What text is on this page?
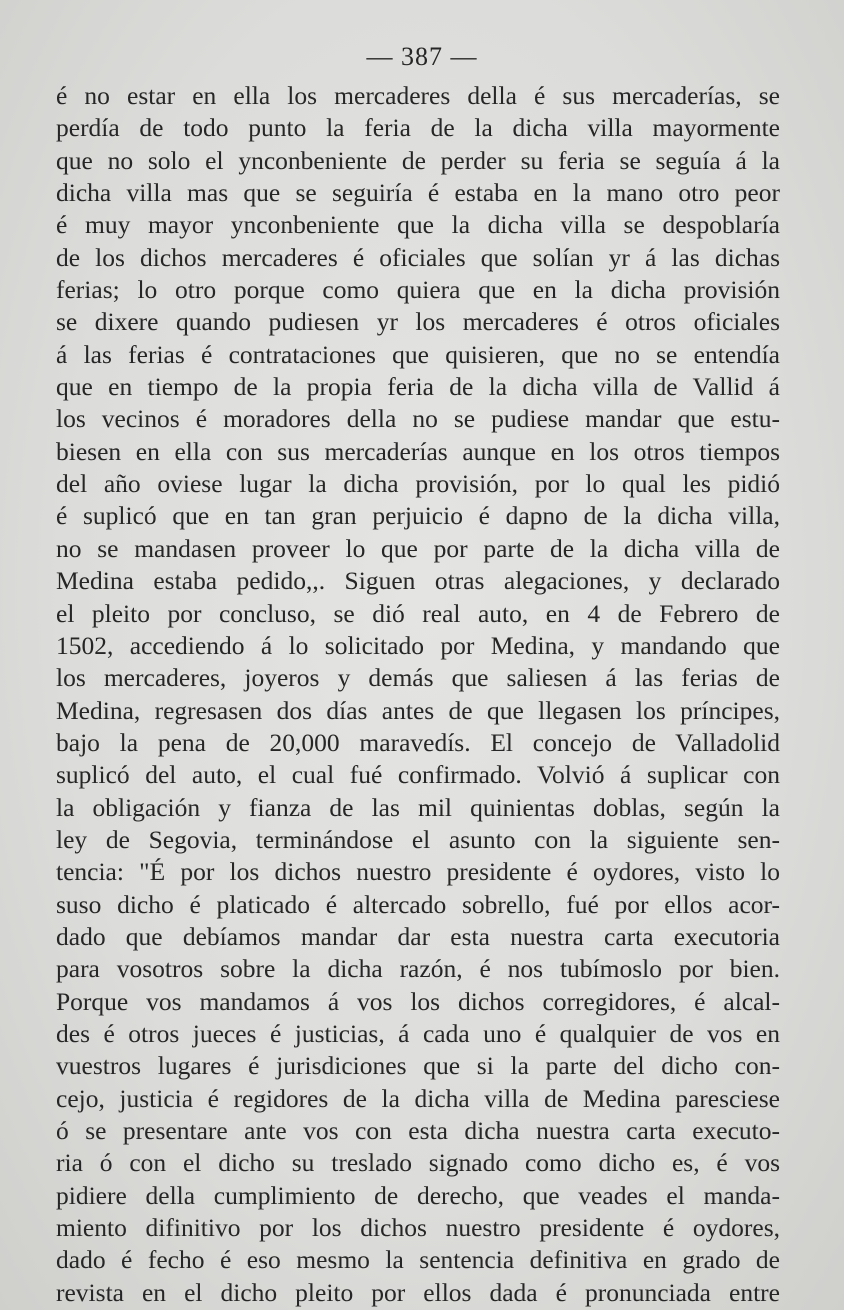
— 387 —
é no estar en ella los mercaderes della é sus mercaderías, se
perdía de todo punto la feria de la dicha villa mayormente
que no solo el ynconbeniente de perder su feria se seguía á la
dicha villa mas que se seguiría é estaba en la mano otro peor
é muy mayor ynconbeniente que la dicha villa se despoblaría
de los dichos mercaderes é oficiales que solían yr á las dichas
ferias; lo otro porque como quiera que en la dicha provisión
se dixere quando pudiesen yr los mercaderes é otros oficiales
á las ferias é contrataciones que quisieren, que no se entendía
que en tiempo de la propia feria de la dicha villa de Vallid á
los vecinos é moradores della no se pudiese mandar que estu-
biesen en ella con sus mercaderías aunque en los otros tiempos
del año oviese lugar la dicha provisión, por lo qual les pidió
é suplicó que en tan gran perjuicio é dapno de la dicha villa,
no se mandasen proveer lo que por parte de la dicha villa de
Medina estaba pedido,,. Siguen otras alegaciones, y declarado
el pleito por concluso, se dió real auto, en 4 de Febrero de
1502, accediendo á lo solicitado por Medina, y mandando que
los mercaderes, joyeros y demás que saliesen á las ferias de
Medina, regresasen dos días antes de que llegasen los príncipes,
bajo la pena de 20,000 maravedís. El concejo de Valladolid
suplicó del auto, el cual fué confirmado. Volvió á suplicar con
la obligación y fianza de las mil quinientas doblas, según la
ley de Segovia, terminándose el asunto con la siguiente sen-
tencia: "É por los dichos nuestro presidente é oydores, visto lo
suso dicho é platicado é altercado sobrello, fué por ellos acor-
dado que debíamos mandar dar esta nuestra carta executoria
para vosotros sobre la dicha razón, é nos tubímoslo por bien.
Porque vos mandamos á vos los dichos corregidores, é alcal-
des é otros jueces é justicias, á cada uno é qualquier de vos en
vuestros lugares é jurisdiciones que si la parte del dicho con-
cejo, justicia é regidores de la dicha villa de Medina paresciese
ó se presentare ante vos con esta dicha nuestra carta executo-
ria ó con el dicho su treslado signado como dicho es, é vos
pidiere della cumplimiento de derecho, que veades el manda-
miento difinitivo por los dichos nuestro presidente é oydores,
dado é fecho é eso mesmo la sentencia definitiva en grado de
revista en el dicho pleito por ellos dada é pronunciada entre
